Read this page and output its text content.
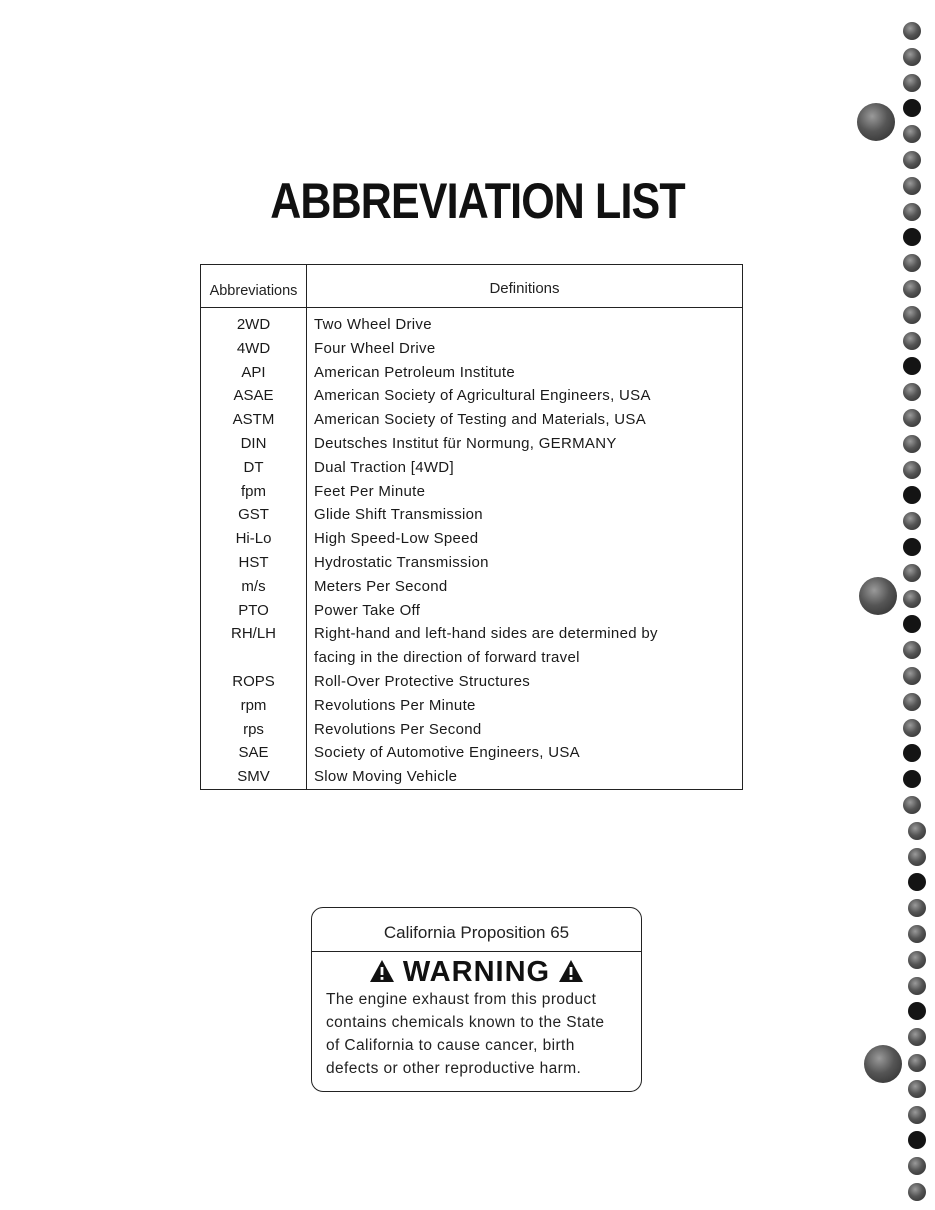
ABBREVIATION LIST
Abbreviations	Definitions
2WD	Two Wheel Drive
4WD	Four Wheel Drive
API	American Petroleum Institute
ASAE	American Society of Agricultural Engineers, USA
ASTM	American Society of Testing and Materials, USA
DIN	Deutsches Institut für Normung, GERMANY
DT	Dual Traction [4WD]
fpm	Feet Per Minute
GST	Glide Shift Transmission
Hi-Lo	High Speed-Low Speed
HST	Hydrostatic Transmission
m/s	Meters Per Second
PTO	Power Take Off
RH/LH	Right-hand and left-hand sides are determined by
facing in the direction of forward travel
ROPS	Roll-Over Protective Structures
rpm	Revolutions Per Minute
rps	Revolutions Per Second
SAE	Society of Automotive Engineers, USA
SMV	Slow Moving Vehicle
California Proposition 65
WARNING
The engine exhaust from this product
contains chemicals known to the State
of California to cause cancer, birth
defects or other reproductive harm.
